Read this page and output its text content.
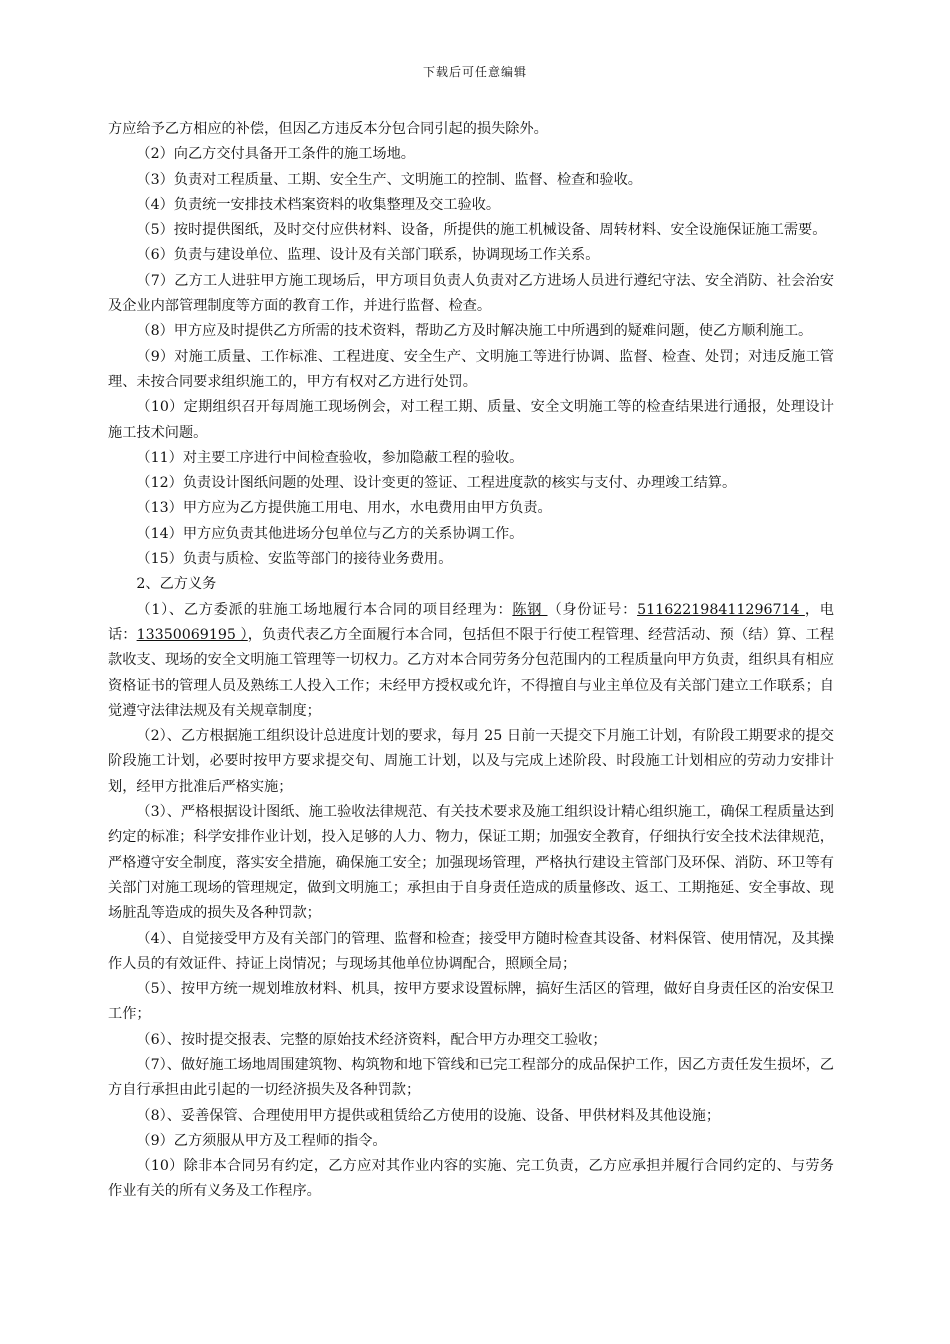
下载后可任意编辑
方应给予乙方相应的补偿，但因乙方违反本分包合同引起的损失除外。
（2）向乙方交付具备开工条件的施工场地。
（3）负责对工程质量、工期、安全生产、文明施工的控制、监督、检查和验收。
（4）负责统一安排技术档案资料的收集整理及交工验收。
（5）按时提供图纸，及时交付应供材料、设备，所提供的施工机械设备、周转材料、安全设施保证施工需要。
（6）负责与建设单位、监理、设计及有关部门联系，协调现场工作关系。
（7）乙方工人进驻甲方施工现场后，甲方项目负责人负责对乙方进场人员进行遵纪守法、安全消防、社会治安及企业内部管理制度等方面的教育工作，并进行监督、检查。
（8）甲方应及时提供乙方所需的技术资料，帮助乙方及时解决施工中所遇到的疑难问题，使乙方顺利施工。
（9）对施工质量、工作标准、工程进度、安全生产、文明施工等进行协调、监督、检查、处罚；对违反施工管理、未按合同要求组织施工的，甲方有权对乙方进行处罚。
（10）定期组织召开每周施工现场例会，对工程工期、质量、安全文明施工等的检查结果进行通报，处理设计施工技术问题。
（11）对主要工序进行中间检查验收，参加隐蔽工程的验收。
（12）负责设计图纸问题的处理、设计变更的签证、工程进度款的核实与支付、办理竣工结算。
（13）甲方应为乙方提供施工用电、用水，水电费用由甲方负责。
（14）甲方应负责其他进场分包单位与乙方的关系协调工作。
（15）负责与质检、安监等部门的接待业务费用。
2、乙方义务
（1）、乙方委派的驻施工场地履行本合同的项目经理为：陈钢 （身份证号：511622198411296714 ，电话：13350069195 ），负责代表乙方全面履行本合同，包括但不限于行使工程管理、经营活动、预（结）算、工程款收支、现场的安全文明施工管理等一切权力。乙方对本合同劳务分包范围内的工程质量向甲方负责，组织具有相应资格证书的管理人员及熟练工人投入工作；未经甲方授权或允许，不得擅自与业主单位及有关部门建立工作联系；自觉遵守法律法规及有关规章制度；
（2）、乙方根据施工组织设计总进度计划的要求，每月 25 日前一天提交下月施工计划，有阶段工期要求的提交阶段施工计划，必要时按甲方要求提交旬、周施工计划，以及与完成上述阶段、时段施工计划相应的劳动力安排计划，经甲方批准后严格实施；
（3）、严格根据设计图纸、施工验收法律规范、有关技术要求及施工组织设计精心组织施工，确保工程质量达到约定的标准；科学安排作业计划，投入足够的人力、物力，保证工期；加强安全教育，仔细执行安全技术法律规范，严格遵守安全制度，落实安全措施，确保施工安全；加强现场管理，严格执行建设主管部门及环保、消防、环卫等有关部门对施工现场的管理规定，做到文明施工；承担由于自身责任造成的质量修改、返工、工期拖延、安全事故、现场脏乱等造成的损失及各种罚款；
（4）、自觉接受甲方及有关部门的管理、监督和检查；接受甲方随时检查其设备、材料保管、使用情况，及其操作人员的有效证件、持证上岗情况；与现场其他单位协调配合，照顾全局；
（5）、按甲方统一规划堆放材料、机具，按甲方要求设置标牌，搞好生活区的管理，做好自身责任区的治安保卫工作；
（6）、按时提交报表、完整的原始技术经济资料，配合甲方办理交工验收；
（7）、做好施工场地周围建筑物、构筑物和地下管线和已完工程部分的成品保护工作，因乙方责任发生损坏，乙方自行承担由此引起的一切经济损失及各种罚款；
（8）、妥善保管、合理使用甲方提供或租赁给乙方使用的设施、设备、甲供材料及其他设施；
（9）乙方须服从甲方及工程师的指令。
（10）除非本合同另有约定，乙方应对其作业内容的实施、完工负责，乙方应承担并履行合同约定的、与劳务作业有关的所有义务及工作程序。
